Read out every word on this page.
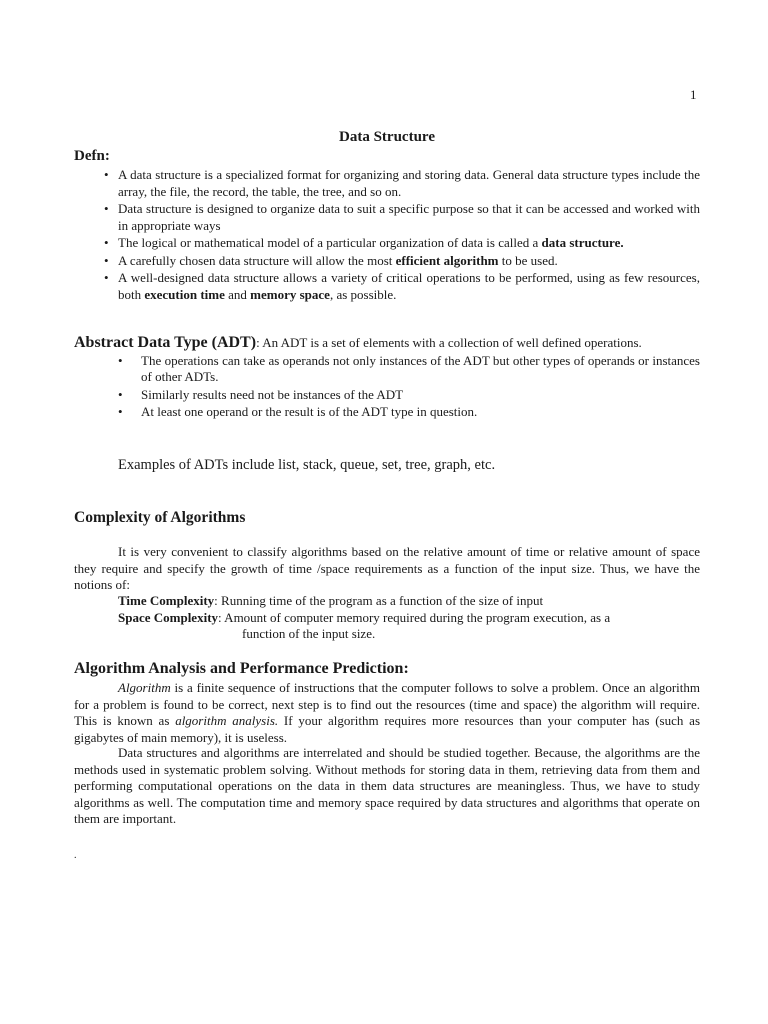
1
Data Structure
Defn:
• A data structure is a specialized format for organizing and storing data. General data structure types include the array, the file, the record, the table, the tree, and so on.
• Data structure is designed to organize data to suit a specific purpose so that it can be accessed and worked with in appropriate ways
• The logical or mathematical model of a particular organization of data is called a data structure.
• A carefully chosen data structure will allow the most efficient algorithm to be used.
• A well-designed data structure allows a variety of critical operations to be performed, using as few resources, both execution time and memory space, as possible.
Abstract Data Type (ADT): An ADT is a set of elements with a collection of well defined operations.
• The operations can take as operands not only instances of the ADT but other types of operands or instances of other ADTs.
• Similarly results need not be instances of the ADT
• At least one operand or the result is of the ADT type in question.
Examples of ADTs include list, stack, queue, set, tree, graph, etc.
Complexity of Algorithms
It is very convenient to classify algorithms based on the relative amount of time or relative amount of space they require and specify the growth of time /space requirements as a function of the input size. Thus, we have the notions of:
Time Complexity: Running time of the program as a function of the size of input
Space Complexity: Amount of computer memory required during the program execution, as a
function of the input size.
Algorithm Analysis and Performance Prediction:
Algorithm is a finite sequence of instructions that the computer follows to solve a problem. Once an algorithm for a problem is found to be correct, next step is to find out the resources (time and space) the algorithm will require. This is known as algorithm analysis. If your algorithm requires more resources than your computer has (such as gigabytes of main memory), it is useless.
Data structures and algorithms are interrelated and should be studied together. Because, the algorithms are the methods used in systematic problem solving. Without methods for storing data in them, retrieving data from them and performing computational operations on the data in them data structures are meaningless. Thus, we have to study algorithms as well. The computation time and memory space required by data structures and algorithms that operate on them are important.
.
